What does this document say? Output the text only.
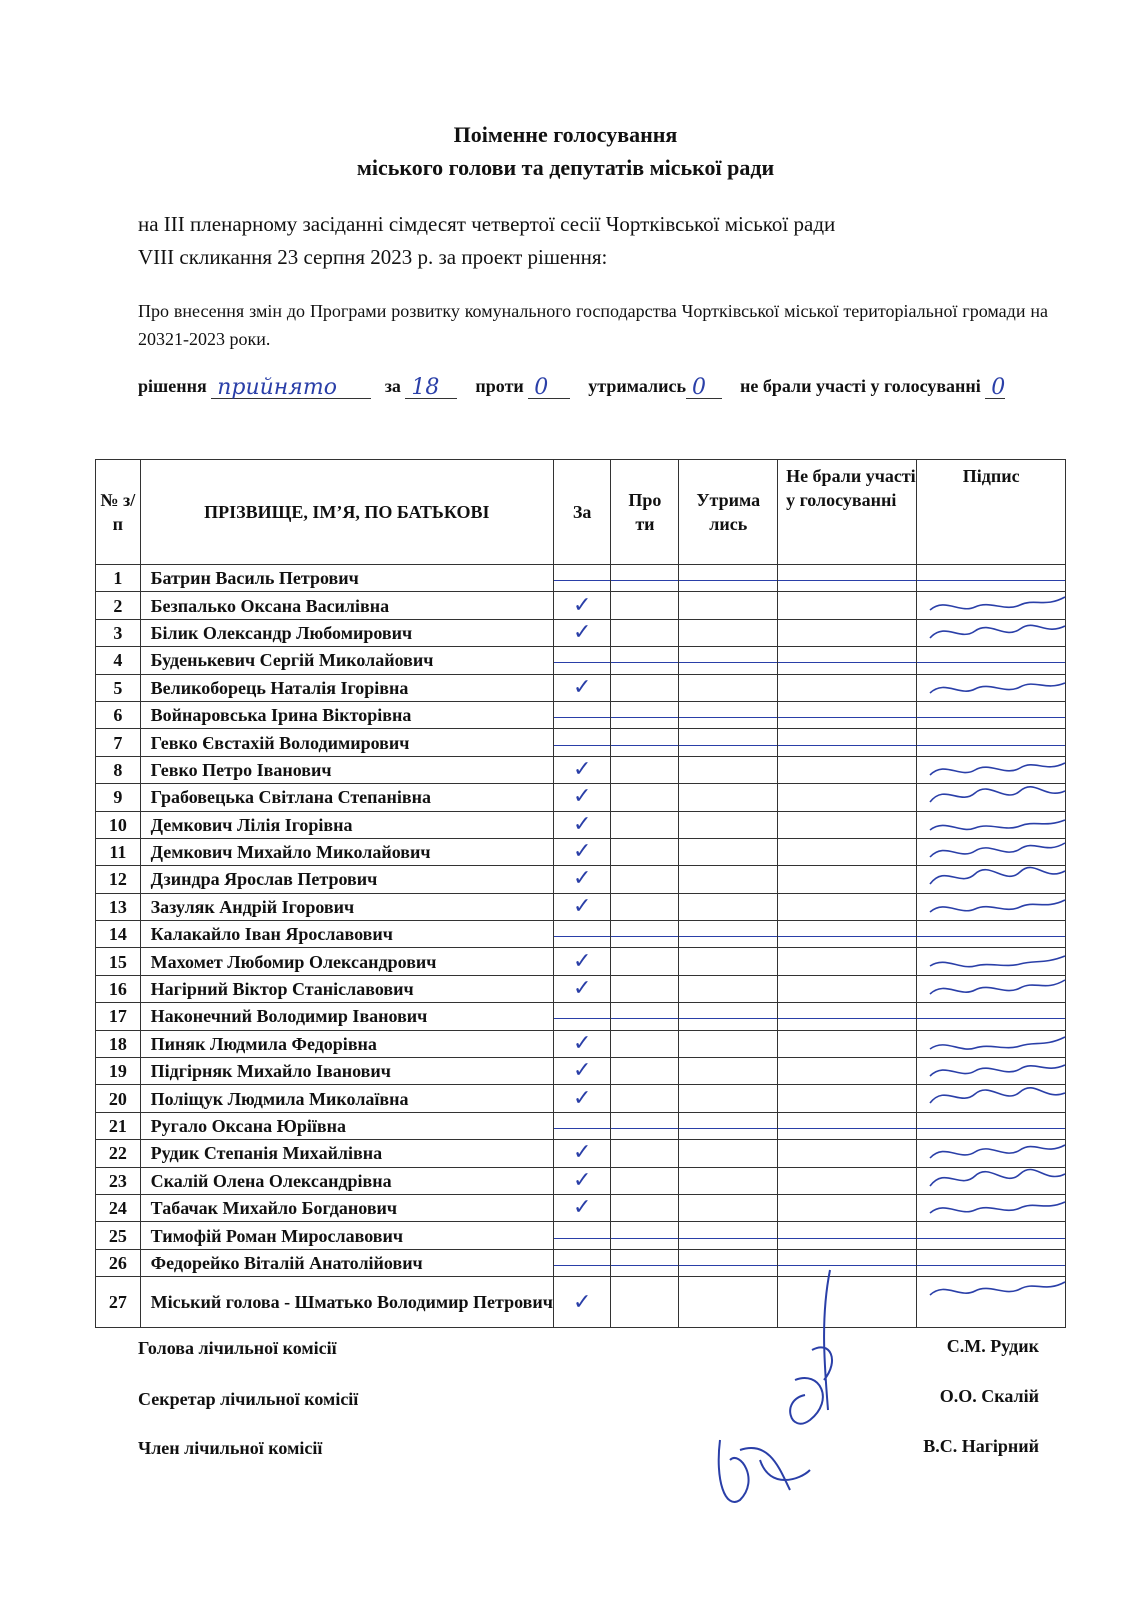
Поіменне голосування
міського голови та депутатів міської ради
на ІІІ пленарному засіданні сімдесят четвертої сесії Чортківської міської ради
VIII скликання 23 серпня 2023 р. за проект рішення:
Про внесення змін до Програми розвитку комунального господарства Чортківської міської територіальної громади на 20321-2023 роки.
рішення прийнято	за 18 проти 0 утримались 0 не брали участі у голосуванні 0
№ з/п	ПРІЗВИЩЕ, ІМ’Я, ПО БАТЬКОВІ	За	Про ти	Утрима лись	Не брали участі у голосуванні	Підпис
1	Батрин Василь Петрович					
2	Безпалько Оксана Василівна	✓				

3	Білик Олександр Любомирович	✓				

4	Буденькевич Сергій Миколайович					
5	Великоборець Наталія Ігорівна	✓				

6	Войнаровська Ірина Вікторівна					
7	Гевко Євстахій Володимирович					
8	Гевко Петро Іванович	✓				

9	Грабовецька Світлана Степанівна	✓				

10	Демкович Лілія Ігорівна	✓				

11	Демкович Михайло Миколайович	✓				

12	Дзиндра Ярослав Петрович	✓				

13	Зазуляк Андрій Ігорович	✓				

14	Калакайло Іван Ярославович					
15	Махомет Любомир Олександрович	✓				

16	Нагірний Віктор Станіславович	✓				

17	Наконечний Володимир Іванович					
18	Пиняк Людмила Федорівна	✓				

19	Підгірняк Михайло Іванович	✓				

20	Поліщук Людмила Миколаївна	✓				

21	Ругало Оксана Юріївна					
22	Рудик Степанія Михайлівна	✓				

23	Скалій Олена Олександрівна	✓				

24	Табачак Михайло Богданович	✓				

25	Тимофій Роман Мирославович					
26	Федорейко Віталій Анатолійович					
27	Міський голова - Шматько Володимир Петрович	✓				
Голова лічильної комісії	С.М. Рудик
Секретар лічильної комісії	О.О. Скалій
Член лічильної комісії	В.С. Нагірний
